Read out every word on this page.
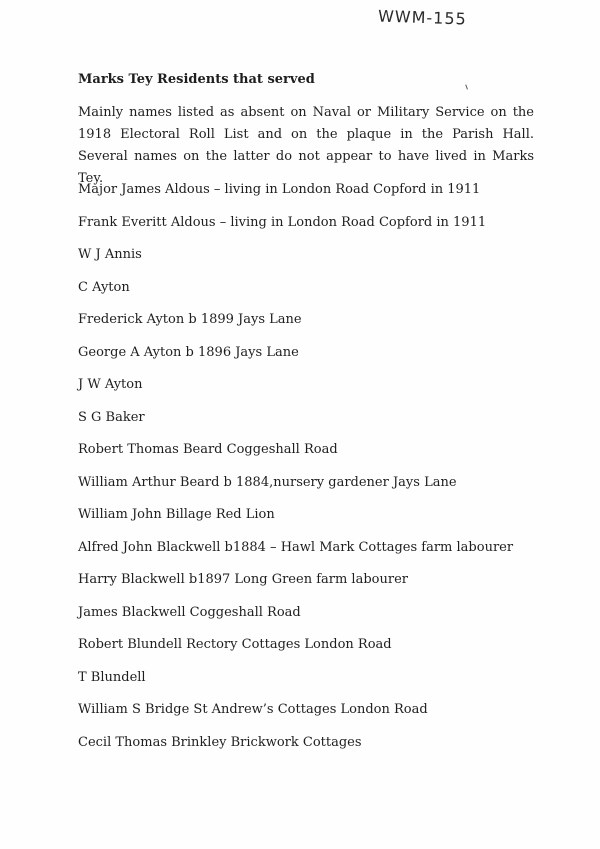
WWM-155
Marks Tey Residents that served
Mainly names listed as absent on Naval or Military Service on the 1918 Electoral Roll List and on the plaque in the Parish Hall. Several names on the latter do not appear to have lived in Marks Tey.
Major James Aldous – living in London Road Copford in 1911
Frank Everitt Aldous – living in London Road Copford in 1911
W J Annis
C Ayton
Frederick Ayton b 1899 Jays Lane
George A Ayton b 1896 Jays Lane
J W Ayton
S G Baker
Robert Thomas Beard Coggeshall Road
William Arthur Beard b 1884,nursery gardener Jays Lane
William John Billage Red Lion
Alfred John Blackwell b1884 – Hawl Mark Cottages farm labourer
Harry Blackwell b1897 Long Green farm labourer
James Blackwell Coggeshall Road
Robert Blundell Rectory Cottages London Road
T Blundell
William S Bridge St Andrew’s Cottages London Road
Cecil Thomas Brinkley Brickwork Cottages
